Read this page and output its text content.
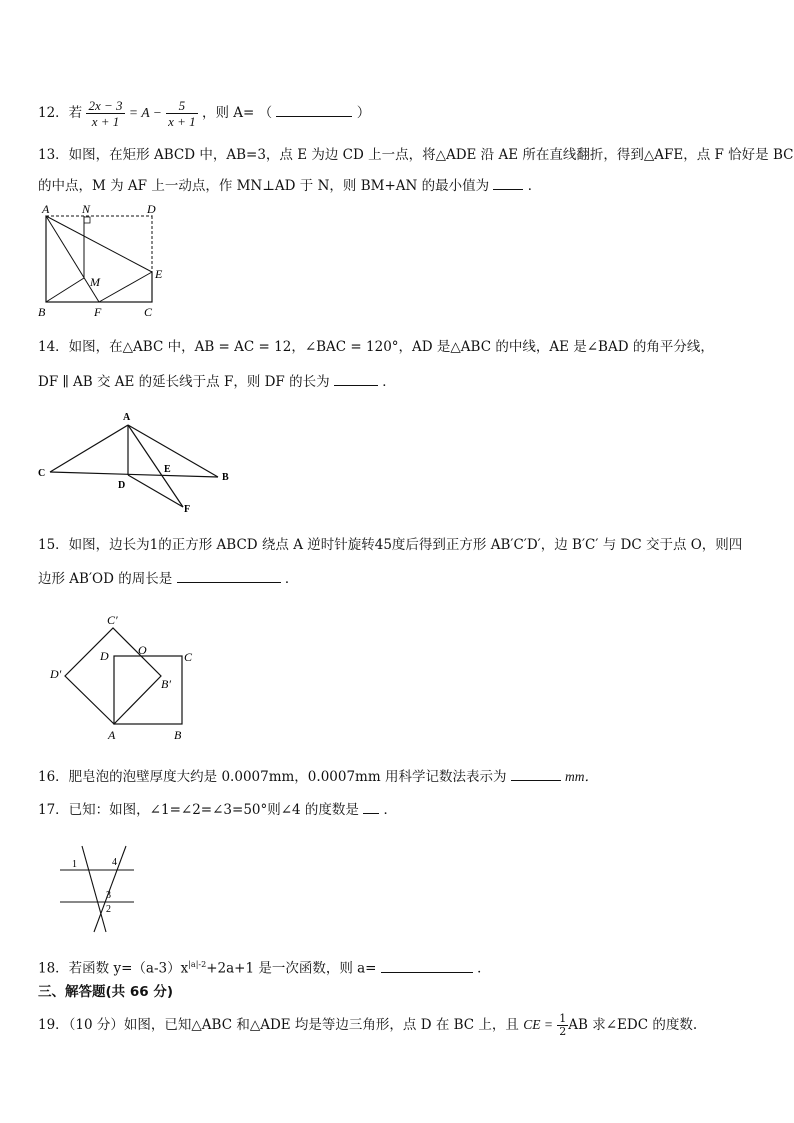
12．若 $\frac{2x - 3}{x + 1} = A - \frac{5}{x + 1}$ ，则 A= （	）
13．如图，在矩形 ABCD 中，AB=3，点 E 为边 CD 上一点，将△ADE 沿 AE 所在直线翻折，得到△AFE，点 F 恰好是 BC
的中点，M 为 AF 上一动点，作 MN⊥AD 于 N，则 BM+AN 的最小值为	．
A	N	D
E
M
B	F	C
14．如图，在△ABC 中，AB = AC = 12，∠BAC = 120°，AD 是△ABC 的中线，AE 是∠BAD 的角平分线，
DF ∥ AB 交 AE 的延长线于点 F，则 DF 的长为	．
A
C
D
E
B
F
15．如图，边长为1的正方形 ABCD 绕点 A 逆时针旋转45度后得到正方形 AB′C′D′，边 B′C′ 与 DC 交于点 O，则四
边形 AB′OD 的周长是	．
C′
D O	C
D′
B′
A	B
16．肥皂泡的泡壁厚度大约是 0.0007mm，0.0007mm 用科学记数法表示为	mm．
17．已知：如图，∠1=∠2=∠3=50°则∠4 的度数是 ．
1	4
3
2
18．若函数 $y=(a-3)x^{|a|-2}+2a+1$ 是一次函数，则 a=	．
三、解答题(共 66 分)
19．（10 分）如图，已知△ABC 和△ADE 均是等边三角形，点 D 在 BC 上，且 CE = $\frac{1}{2}$ AB 求∠EDC 的度数.
